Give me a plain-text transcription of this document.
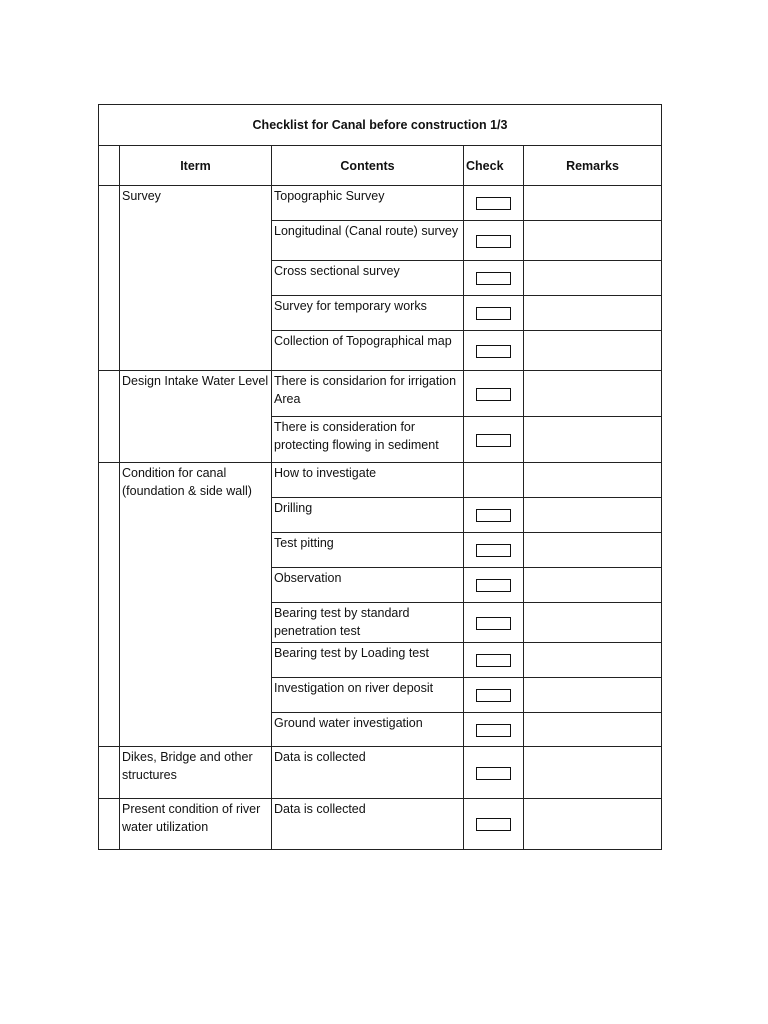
Checklist for Canal before construction 1/3				
	Iterm	Contents	Check	Remarks
	Survey	Topographic Survey		
		Longitudinal (Canal route) survey		
		Cross sectional survey		
		Survey for temporary works		
		Collection of Topographical map		
	Design Intake Water Level	There is considarion for irrigation Area		
		There is consideration for protecting flowing in sediment		
	Condition for canal (foundation & side wall)	How to investigate		
		Drilling		
		Test pitting		
		Observation		
		Bearing test by standard penetration test		
		Bearing test by Loading test		
		Investigation on river deposit		
		Ground water investigation		
	Dikes, Bridge and other structures	Data is collected		
	Present condition of river water utilization	Data is collected		
